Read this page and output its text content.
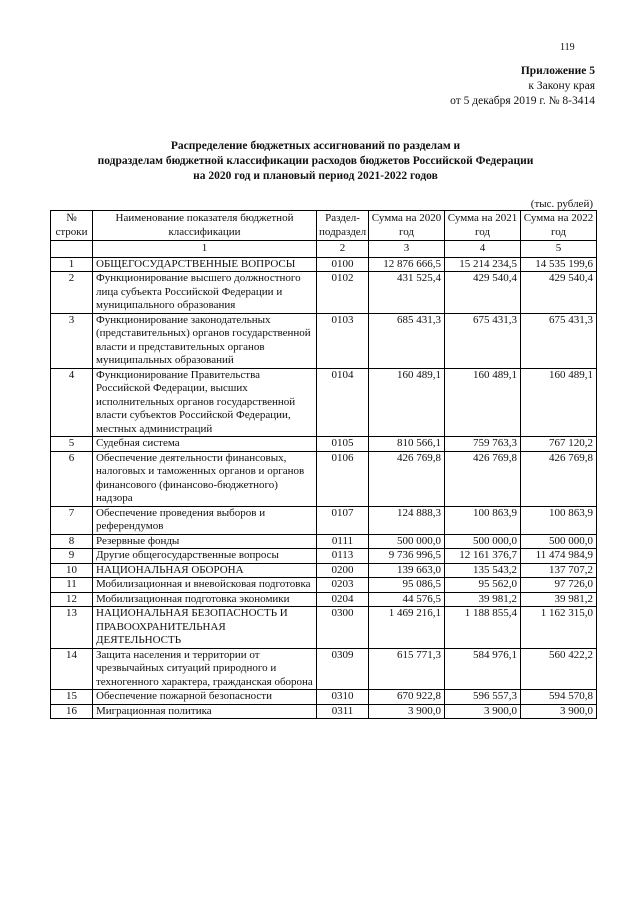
119
Приложение 5
к Закону края
от 5 декабря 2019 г. № 8-3414
Распределение бюджетных ассигнований по разделам и
подразделам бюджетной классификации расходов бюджетов Российской Федерации
на 2020 год и плановый период 2021-2022 годов
(тыс. рублей)
№ строки	Наименование показателя бюджетной классификации	Раздел-подраздел	Сумма на 2020 год	Сумма на 2021 год	Сумма на 2022 год
	1	2	3	4	5
1	ОБЩЕГОСУДАРСТВЕННЫЕ ВОПРОСЫ	0100	12 876 666,5	15 214 234,5	14 535 199,6
2	Функционирование высшего должностного лица субъекта Российской Федерации и муниципального образования	0102	431 525,4	429 540,4	429 540,4
3	Функционирование законодательных (представительных) органов государственной власти и представительных органов муниципальных образований	0103	685 431,3	675 431,3	675 431,3
4	Функционирование Правительства Российской Федерации, высших исполнительных органов государственной власти субъектов Российской Федерации, местных администраций	0104	160 489,1	160 489,1	160 489,1
5	Судебная система	0105	810 566,1	759 763,3	767 120,2
6	Обеспечение деятельности финансовых, налоговых и таможенных органов и органов финансового (финансово-бюджетного) надзора	0106	426 769,8	426 769,8	426 769,8
7	Обеспечение проведения выборов и референдумов	0107	124 888,3	100 863,9	100 863,9
8	Резервные фонды	0111	500 000,0	500 000,0	500 000,0
9	Другие общегосударственные вопросы	0113	9 736 996,5	12 161 376,7	11 474 984,9
10	НАЦИОНАЛЬНАЯ ОБОРОНА	0200	139 663,0	135 543,2	137 707,2
11	Мобилизационная и вневойсковая подготовка	0203	95 086,5	95 562,0	97 726,0
12	Мобилизационная подготовка экономики	0204	44 576,5	39 981,2	39 981,2
13	НАЦИОНАЛЬНАЯ БЕЗОПАСНОСТЬ И ПРАВООХРАНИТЕЛЬНАЯ ДЕЯТЕЛЬНОСТЬ	0300	1 469 216,1	1 188 855,4	1 162 315,0
14	Защита населения и территории от чрезвычайных ситуаций природного и техногенного характера, гражданская оборона	0309	615 771,3	584 976,1	560 422,2
15	Обеспечение пожарной безопасности	0310	670 922,8	596 557,3	594 570,8
16	Миграционная политика	0311	3 900,0	3 900,0	3 900,0
